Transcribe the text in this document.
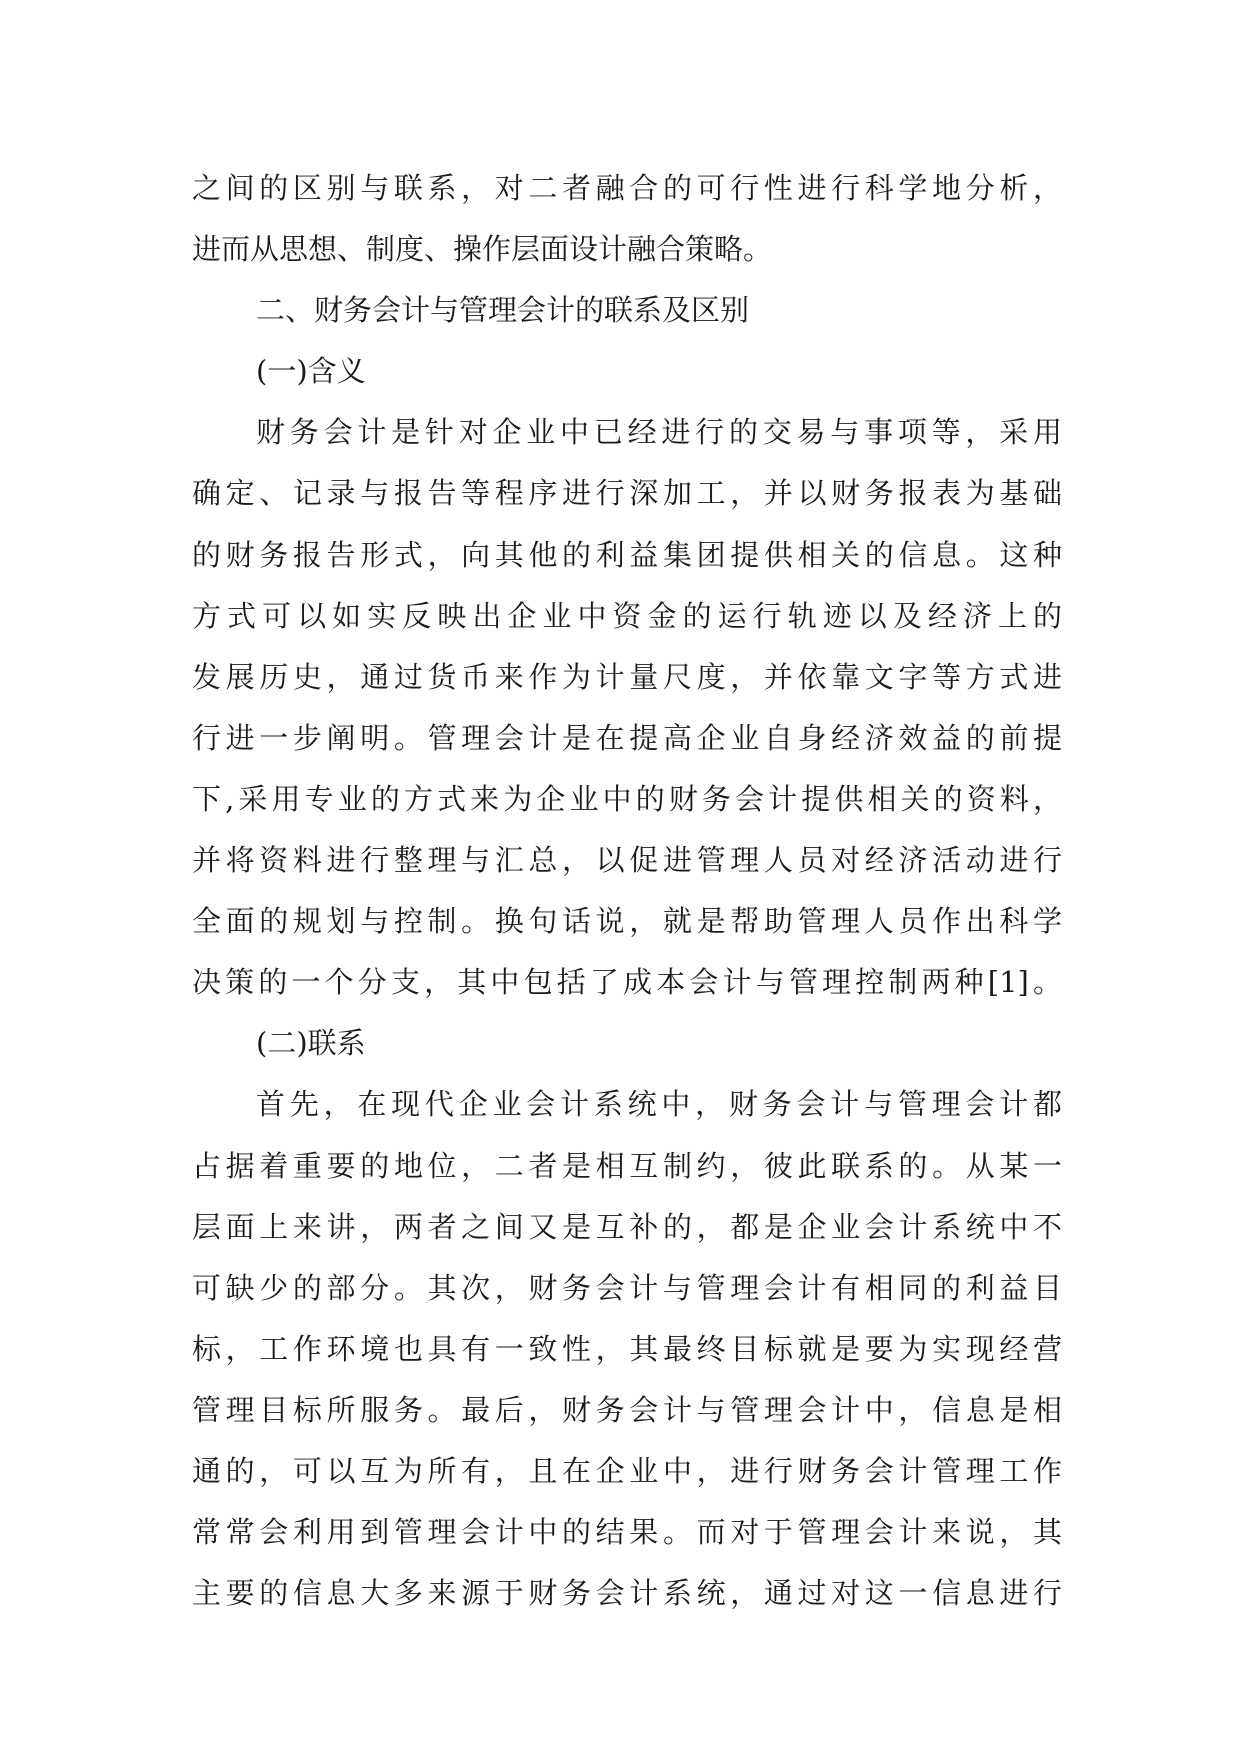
之间的区别与联系，对二者融合的可行性进行科学地分析，
进而从思想、制度、操作层面设计融合策略。
二、财务会计与管理会计的联系及区别
(一)含义
财务会计是针对企业中已经进行的交易与事项等，采用
确定、记录与报告等程序进行深加工，并以财务报表为基础
的财务报告形式，向其他的利益集团提供相关的信息。这种
方式可以如实反映出企业中资金的运行轨迹以及经济上的
发展历史，通过货币来作为计量尺度，并依靠文字等方式进
行进一步阐明。管理会计是在提高企业自身经济效益的前提
下,采用专业的方式来为企业中的财务会计提供相关的资料，
并将资料进行整理与汇总，以促进管理人员对经济活动进行
全面的规划与控制。换句话说，就是帮助管理人员作出科学
决策的一个分支，其中包括了成本会计与管理控制两种[1]。
(二)联系
首先，在现代企业会计系统中，财务会计与管理会计都
占据着重要的地位，二者是相互制约，彼此联系的。从某一
层面上来讲，两者之间又是互补的，都是企业会计系统中不
可缺少的部分。其次，财务会计与管理会计有相同的利益目
标，工作环境也具有一致性，其最终目标就是要为实现经营
管理目标所服务。最后，财务会计与管理会计中，信息是相
通的，可以互为所有，且在企业中，进行财务会计管理工作
常常会利用到管理会计中的结果。而对于管理会计来说，其
主要的信息大多来源于财务会计系统，通过对这一信息进行
